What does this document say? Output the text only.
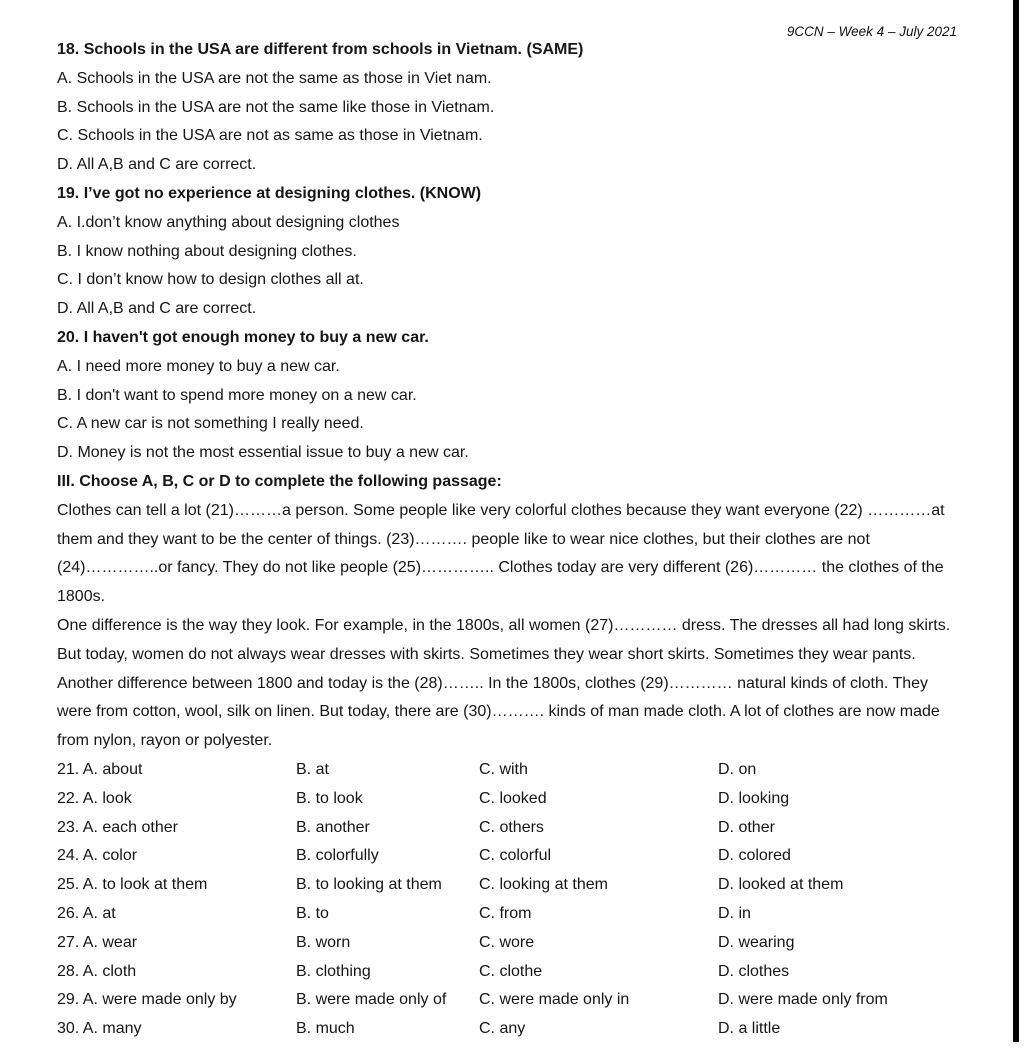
9CCN – Week 4 – July 2021
18. Schools in the USA are different from schools in Vietnam. (SAME)
A. Schools in the USA are not the same as those in Viet nam.
B. Schools in the USA are not the same like those in Vietnam.
C. Schools in the USA are not as same as those in Vietnam.
D. All A,B and C are correct.
19. I’ve got no experience at designing clothes. (KNOW)
A. I.don’t know anything about designing clothes
B. I know nothing about designing clothes.
C. I don’t know how to design clothes all at.
D. All A,B and C are correct.
20. I haven't got enough money to buy a new car.
A. I need more money to buy a new car.
B. I don't want to spend more money on a new car.
C. A new car is not something I really need.
D. Money is not the most essential issue to buy a new car.
III. Choose A, B, C or D to complete the following passage:

Clothes can tell a lot (21)………a person. Some people like very colorful clothes because they want everyone (22) …………at them and they want to be the center of things. (23)………. people like to wear nice clothes, but their clothes are not (24)…………..or fancy. They do not like people (25)………….. Clothes today are very different (26)………… the clothes of the 1800s.

One difference is the way they look. For example, in the 1800s, all women (27)………… dress. The dresses all had long skirts. But today, women do not always wear dresses with skirts. Sometimes they wear short skirts. Sometimes they wear pants. Another difference between 1800 and today is the (28)…….. In the 1800s, clothes (29)………… natural kinds of cloth. They were from cotton, wool, silk on linen. But today, there are (30)………. kinds of man made cloth. A lot of clothes are now made from nylon, rayon or polyester.

21. A. about	B. at	C. with	D. on
22. A. look	B. to look	C. looked	D. looking
23. A. each other	B. another	C. others	D. other
24. A. color	B. colorfully	C. colorful	D. colored
25. A. to look at them	B. to looking at them C. looking at them	D. looked at them
26. A. at	B. to	C. from	D. in
27. A. wear	B. worn	C. wore	D. wearing
28. A. cloth	B. clothing	C. clothe	D. clothes
29. A. were made only by	B. were made only of C. were made only in	D. were made only from
30. A. many	B. much	C. any	D. a little
